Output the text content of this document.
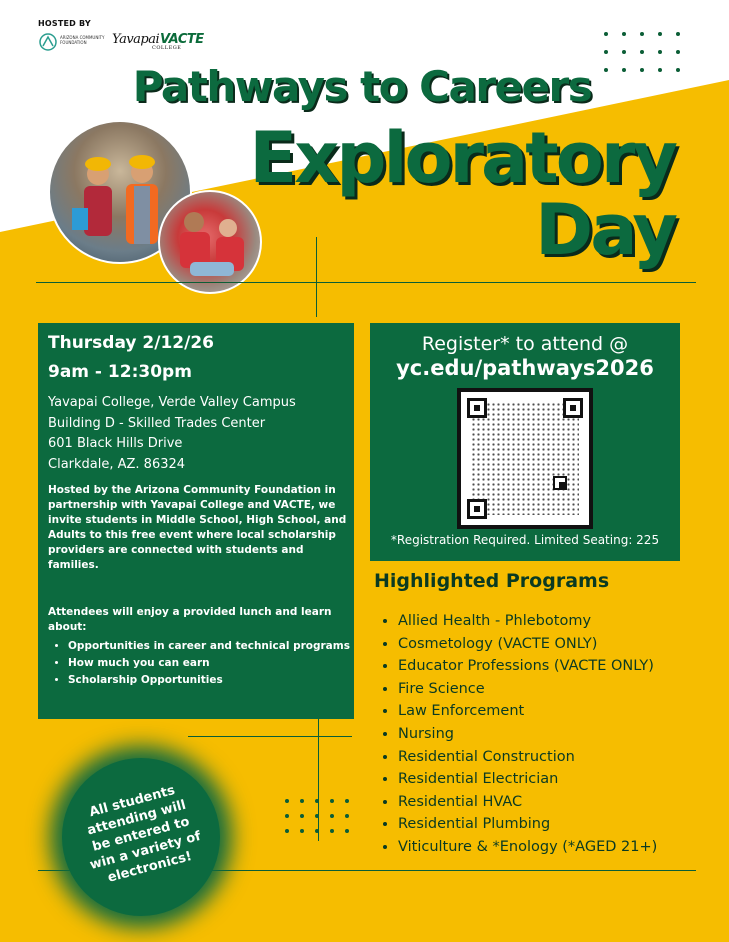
HOSTED BY
ARIZONA COMMUNITY FOUNDATION	Yavapai
COLLEGE
VACTE
Pathways to Careers
Exploratory
Day
Thursday 2/12/26
9am - 12:30pm
Yavapai College, Verde Valley Campus
Building D - Skilled Trades Center
601 Black Hills Drive
Clarkdale, AZ. 86324
Hosted by the Arizona Community Foundation in partnership with Yavapai College and VACTE, we invite students in Middle School, High School, and Adults to this free event where local scholarship providers are connected with students and families.
Attendees will enjoy a provided lunch and learn about:
• Opportunities in career and technical programs
• How much you can earn
• Scholarship Opportunities
Register* to attend @
yc.edu/pathways2026
*Registration Required. Limited Seating: 225
Highlighted Programs
• Allied Health - Phlebotomy
• Cosmetology (VACTE ONLY)
• Educator Professions (VACTE ONLY)
• Fire Science
• Law Enforcement
• Nursing
• Residential Construction
• Residential Electrician
• Residential HVAC
• Residential Plumbing
• Viticulture & *Enology (*AGED 21+)
All students attending will be entered to win a variety of electronics!
